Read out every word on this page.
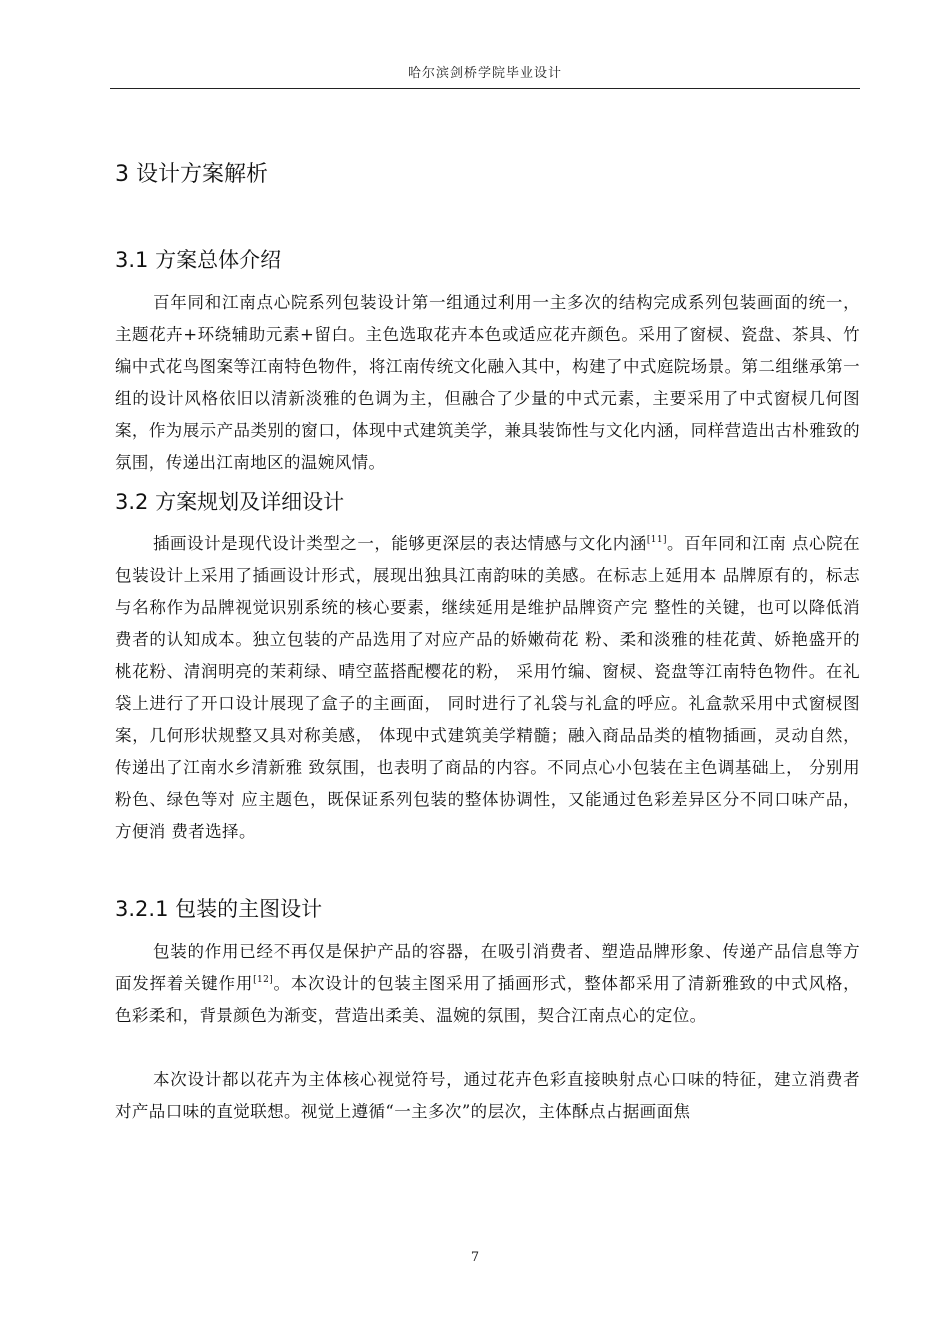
哈尔滨剑桥学院毕业设计
3 设计方案解析
3.1 方案总体介绍

百年同和江南点心院系列包装设计第一组通过利用一主多次的结构完成系列包装画面的统一，主题花卉+环绕辅助元素+留白。主色选取花卉本色或适应花卉颜色。采用了窗棂、瓷盘、茶具、竹编中式花鸟图案等江南特色物件，将江南传统文化融入其中，构建了中式庭院场景。第二组继承第一组的设计风格依旧以清新淡雅的色调为主，但融合了少量的中式元素，主要采用了中式窗棂几何图案，作为展示产品类别的窗口，体现中式建筑美学，兼具装饰性与文化内涵，同样营造出古朴雅致的氛围，传递出江南地区的温婉风情。

3.2 方案规划及详细设计

插画设计是现代设计类型之一，能够更深层的表达情感与文化内涵[11]。百年同和江南 点心院在包装设计上采用了插画设计形式，展现出独具江南韵味的美感。在标志上延用本 品牌原有的，标志与名称作为品牌视觉识别系统的核心要素，继续延用是维护品牌资产完 整性的关键，也可以降低消费者的认知成本。独立包装的产品选用了对应产品的娇嫩荷花 粉、柔和淡雅的桂花黄、娇艳盛开的桃花粉、清润明亮的茉莉绿、晴空蓝搭配樱花的粉， 采用竹编、窗棂、瓷盘等江南特色物件。在礼袋上进行了开口设计展现了盒子的主画面， 同时进行了礼袋与礼盒的呼应。礼盒款采用中式窗棂图案，几何形状规整又具对称美感， 体现中式建筑美学精髓；融入商品品类的植物插画，灵动自然，传递出了江南水乡清新雅 致氛围，也表明了商品的内容。不同点心小包装在主色调基础上， 分别用粉色、绿色等对 应主题色，既保证系列包装的整体协调性，又能通过色彩差异区分不同口味产品，方便消 费者选择。

3.2.1 包装的主图设计

包装的作用已经不再仅是保护产品的容器，在吸引消费者、塑造品牌形象、传递产品信息等方面发挥着关键作用[12]。本次设计的包装主图采用了插画形式，整体都采用了清新雅致的中式风格，色彩柔和，背景颜色为渐变，营造出柔美、温婉的氛围，契合江南点心的定位。

本次设计都以花卉为主体核心视觉符号，通过花卉色彩直接映射点心口味的特征，建立消费者对产品口味的直觉联想。视觉上遵循“一主多次”的层次，主体酥点占据画面焦

7
